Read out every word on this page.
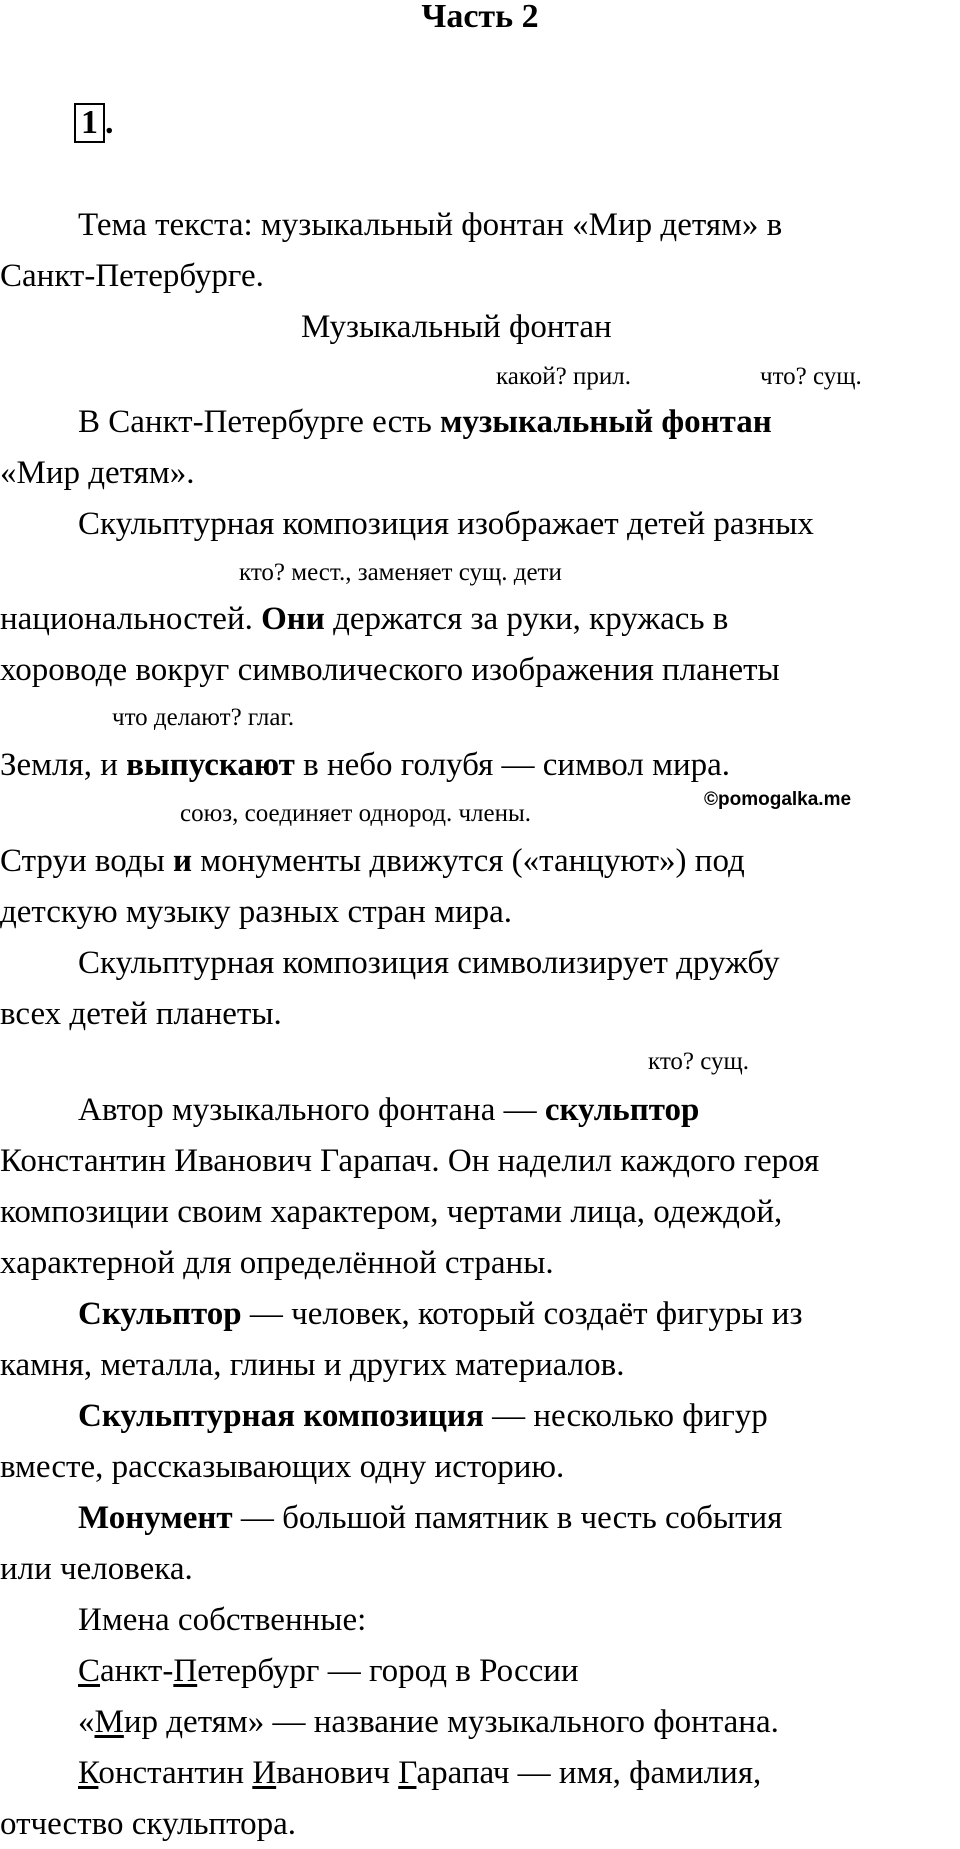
Часть 2
1 .
Тема текста: музыкальный фонтан «Мир детям» в
Санкт-Петербурге.
Музыкальный фонтан
какой? прил.	что? сущ.
В Санкт-Петербурге есть музыкальный фонтан
«Мир детям».
Скульптурная композиция изображает детей разных
кто? мест., заменяет сущ. дети
национальностей. Они держатся за руки, кружась в
хороводе вокруг символического изображения планеты
что делают? глаг.
Земля, и выпускают в небо голубя — символ мира.
союз, соединяет однород. члены.
©pomogalka.me
Струи воды и монументы движутся («танцуют») под
детскую музыку разных стран мира.
Скульптурная композиция символизирует дружбу
всех детей планеты.
кто? сущ.
Автор музыкального фонтана — скульптор
Константин Иванович Гарапач. Он наделил каждого героя
композиции своим характером, чертами лица, одеждой,
характерной для определённой страны.
Скульптор — человек, который создаёт фигуры из
камня, металла, глины и других материалов.
Скульптурная композиция — несколько фигур
вместе, рассказывающих одну историю.
Монумент — большой памятник в честь события
или человека.
Имена собственные:
Санкт-Петербург — город в России
«Мир детям» — название музыкального фонтана.
Константин Иванович Гарапач — имя, фамилия,
отчество скульптора.
